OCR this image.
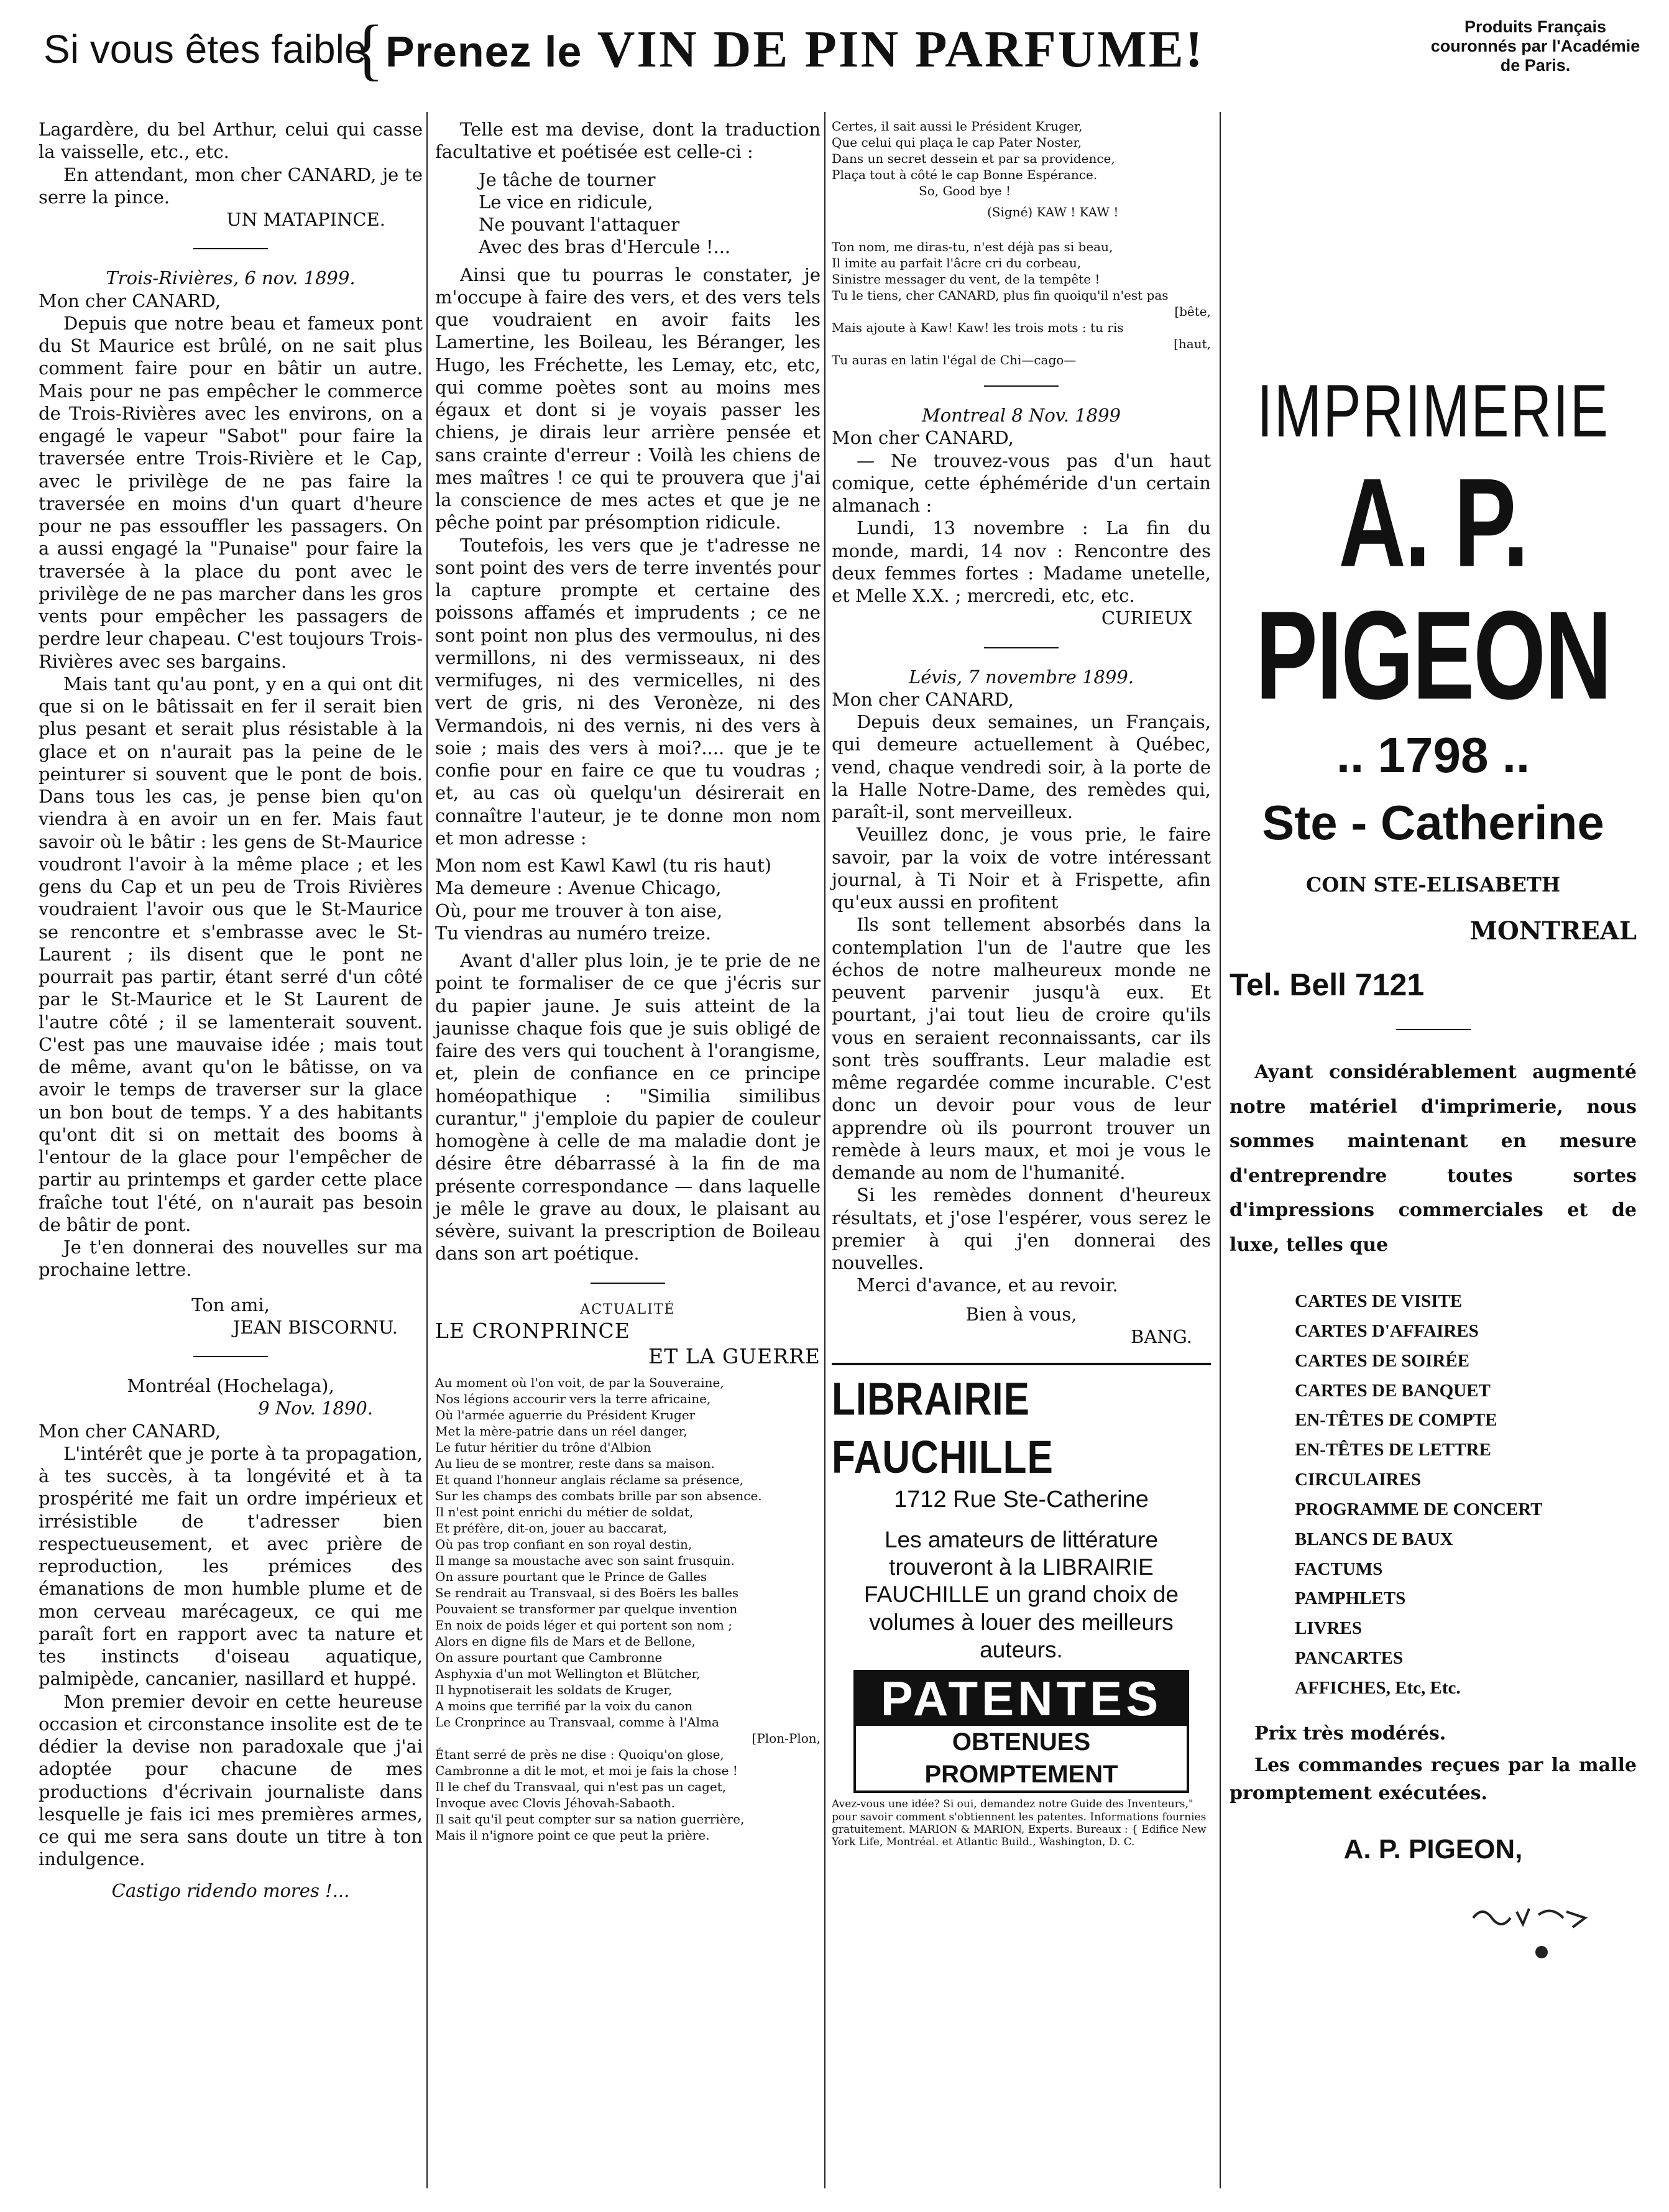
Si vous êtes faible
{ Prenez le VIN DE PIN PARFUME!	Produits Français couronnés par l'Académie de Paris.

Lagardère, du bel Arthur, celui qui casse la vaisselle, etc., etc.

En attendant, mon cher CANARD, je te serre la pince.

UN MATAPINCE.

Trois-Rivières, 6 nov. 1899.

Mon cher CANARD,

Depuis que notre beau et fameux pont du St Maurice est brûlé, on ne sait plus comment faire pour en bâtir un autre. Mais pour ne pas empêcher le commerce de Trois-Rivières avec les environs, on a engagé le vapeur "Sabot" pour faire la traversée entre Trois-Rivière et le Cap, avec le privilège de ne pas faire la traversée en moins d'un quart d'heure pour ne pas essouffler les passagers. On a aussi engagé la "Punaise" pour faire la traversée à la place du pont avec le privilège de ne pas marcher dans les gros vents pour empêcher les passagers de perdre leur chapeau. C'est toujours Trois-Rivières avec ses bargains.

Mais tant qu'au pont, y en a qui ont dit que si on le bâtissait en fer il serait bien plus pesant et serait plus résistable à la glace et on n'aurait pas la peine de le peinturer si souvent que le pont de bois. Dans tous les cas, je pense bien qu'on viendra à en avoir un en fer. Mais faut savoir où le bâtir : les gens de St-Maurice voudront l'avoir à la même place ; et les gens du Cap et un peu de Trois Rivières voudraient l'avoir ous que le St-Maurice se rencontre et s'embrasse avec le St-Laurent ; ils disent que le pont ne pourrait pas partir, étant serré d'un côté par le St-Maurice et le St Laurent de l'autre côté ; il se lamenterait souvent. C'est pas une mauvaise idée ; mais tout de même, avant qu'on le bâtisse, on va avoir le temps de traverser sur la glace un bon bout de temps. Y a des habitants qu'ont dit si on mettait des booms à l'entour de la glace pour l'empêcher de partir au printemps et garder cette place fraîche tout l'été, on n'aurait pas besoin de bâtir de pont.

Je t'en donnerai des nouvelles sur ma prochaine lettre.

Ton ami,

JEAN BISCORNU.

Montréal (Hochelaga),

9 Nov. 1890.

Mon cher CANARD,

L'intérêt que je porte à ta propagation, à tes succès, à ta longévité et à ta prospérité me fait un ordre impérieux et irrésistible de t'adresser bien respectueusement, et avec prière de reproduction, les prémices des émanations de mon humble plume et de mon cerveau marécageux, ce qui me paraît fort en rapport avec ta nature et tes instincts d'oiseau aquatique, palmipède, cancanier, nasillard et huppé.

Mon premier devoir en cette heureuse occasion et circonstance insolite est de te dédier la devise non paradoxale que j'ai adoptée pour chacune de mes productions d'écrivain journaliste dans lesquelle je fais ici mes premières armes, ce qui me sera sans doute un titre à ton indulgence.

Castigo ridendo mores !...

Telle est ma devise, dont la traduction facultative et poétisée est celle-ci :

Je tâche de tourner
Le vice en ridicule,
Ne pouvant l'attaquer
Avec des bras d'Hercule !...

Ainsi que tu pourras le constater, je m'occupe à faire des vers, et des vers tels que voudraient en avoir faits les Lamertine, les Boileau, les Béranger, les Hugo, les Fréchette, les Lemay, etc, etc, qui comme poètes sont au moins mes égaux et dont si je voyais passer les chiens, je dirais leur arrière pensée et sans crainte d'erreur : Voilà les chiens de mes maîtres ! ce qui te prouvera que j'ai la conscience de mes actes et que je ne pêche point par présomption ridicule.

Toutefois, les vers que je t'adresse ne sont point des vers de terre inventés pour la capture prompte et certaine des poissons affamés et imprudents ; ce ne sont point non plus des vermoulus, ni des vermillons, ni des vermisseaux, ni des vermifuges, ni des vermicelles, ni des vert de gris, ni des Veronèze, ni des Vermandois, ni des vernis, ni des vers à soie ; mais des vers à moi?.... que je te confie pour en faire ce que tu voudras ; et, au cas où quelqu'un désirerait en connaître l'auteur, je te donne mon nom et mon adresse :

Mon nom est Kawl Kawl (tu ris haut)
Ma demeure : Avenue Chicago,
Où, pour me trouver à ton aise,
Tu viendras au numéro treize.

Avant d'aller plus loin, je te prie de ne point te formaliser de ce que j'écris sur du papier jaune. Je suis atteint de la jaunisse chaque fois que je suis obligé de faire des vers qui touchent à l'orangisme, et, plein de confiance en ce principe homéopathique : "Similia similibus curantur," j'emploie du papier de couleur homogène à celle de ma maladie dont je désire être débarrassé à la fin de ma présente correspondance — dans laquelle je mêle le grave au doux, le plaisant au sévère, suivant la prescription de Boileau dans son art poétique.

ACTUALITÉ

LE CRONPRINCE

ET LA GUERRE

Au moment où l'on voit, de par la Souveraine,

Nos légions accourir vers la terre africaine,

Où l'armée aguerrie du Président Kruger

Met la mère-patrie dans un réel danger,

Le futur héritier du trône d'Albion

Au lieu de se montrer, reste dans sa maison.

Et quand l'honneur anglais réclame sa présence,

Sur les champs des combats brille par son absence.

Il n'est point enrichi du métier de soldat,

Et préfère, dit-on, jouer au baccarat,

Où pas trop confiant en son royal destin,

Il mange sa moustache avec son saint frusquin.

On assure pourtant que le Prince de Galles

Se rendrait au Transvaal, si des Boërs les balles

Pouvaient se transformer par quelque invention

En noix de poids léger et qui portent son nom ;

Alors en digne fils de Mars et de Bellone,

On assure pourtant que Cambronne

Asphyxia d'un mot Wellington et Blütcher,

Il hypnotiserait les soldats de Kruger,

A moins que terrifié par la voix du canon

Le Cronprince au Transvaal, comme à l'Alma

[Plon-Plon,

Étant serré de près ne dise : Quoiqu'on glose,

Cambronne a dit le mot, et moi je fais la chose !

Il le chef du Transvaal, qui n'est pas un caget,

Invoque avec Clovis Jéhovah-Sabaoth.

Il sait qu'il peut compter sur sa nation guerrière,

Mais il n'ignore point ce que peut la prière.

Certes, il sait aussi le Président Kruger,

Que celui qui plaça le cap Pater Noster,

Dans un secret dessein et par sa providence,

Plaça tout à côté le cap Bonne Espérance.

So, Good bye !

(Signé) KAW ! KAW !

Ton nom, me diras-tu, n'est déjà pas si beau,

Il imite au parfait l'âcre cri du corbeau,

Sinistre messager du vent, de la tempête !

Tu le tiens, cher CANARD, plus fin quoiqu'il n'est pas

[bête,

Mais ajoute à Kaw! Kaw! les trois mots : tu ris

[haut,

Tu auras en latin l'égal de Chi—cago—

Montreal 8 Nov. 1899

Mon cher CANARD,

— Ne trouvez-vous pas d'un haut comique, cette éphéméride d'un certain almanach :

Lundi, 13 novembre : La fin du monde, mardi, 14 nov : Rencontre des deux femmes fortes : Madame unetelle, et Melle X.X. ; mercredi, etc, etc.

CURIEUX

Lévis, 7 novembre 1899.

Mon cher CANARD,

Depuis deux semaines, un Français, qui demeure actuellement à Québec, vend, chaque vendredi soir, à la porte de la Halle Notre-Dame, des remèdes qui, paraît-il, sont merveilleux.

Veuillez donc, je vous prie, le faire savoir, par la voix de votre intéressant journal, à Ti Noir et à Frispette, afin qu'eux aussi en profitent

Ils sont tellement absorbés dans la contemplation l'un de l'autre que les échos de notre malheureux monde ne peuvent parvenir jusqu'à eux. Et pourtant, j'ai tout lieu de croire qu'ils vous en seraient reconnaissants, car ils sont très souffrants. Leur maladie est même regardée comme incurable. C'est donc un devoir pour vous de leur apprendre où ils pourront trouver un remède à leurs maux, et moi je vous le demande au nom de l'humanité.

Si les remèdes donnent d'heureux résultats, et j'ose l'espérer, vous serez le premier à qui j'en donnerai des nouvelles.

Merci d'avance, et au revoir.

Bien à vous,

BANG.

LIBRAIRIE FAUCHILLE

1712 Rue Ste-Catherine

Les amateurs de littérature trouveront à la LIBRAIRIE FAUCHILLE un grand choix de volumes à louer des meilleurs auteurs.

PATENTES
OBTENUES PROMPTEMENT

Avez-vous une idée? Si oui, demandez notre Guide des Inventeurs," pour savoir comment s'obtiennent les patentes. Informations fournies gratuitement. MARION & MARION, Experts. Bureaux : { Edifice New York Life, Montréal. et Atlantic Build., Washington, D. C.

IMPRIMERIE

A. P. PIGEON

.. 1798 ..

Ste - Catherine

COIN STE-ELISABETH

MONTREAL

Tel. Bell 7121

Ayant considérablement augmenté notre matériel d'imprimerie, nous sommes maintenant en mesure d'entreprendre toutes sortes d'impressions commerciales et de luxe, telles que

CARTES DE VISITE

CARTES D'AFFAIRES

CARTES DE SOIRÉE

CARTES DE BANQUET

EN-TÊTES DE COMPTE

EN-TÊTES DE LETTRE

CIRCULAIRES

PROGRAMME DE CONCERT

BLANCS DE BAUX

FACTUMS

PAMPHLETS

LIVRES

PANCARTES

AFFICHES, Etc, Etc.

Prix très modérés.

Les commandes reçues par la malle promptement exécutées.

A. P. PIGEON,
